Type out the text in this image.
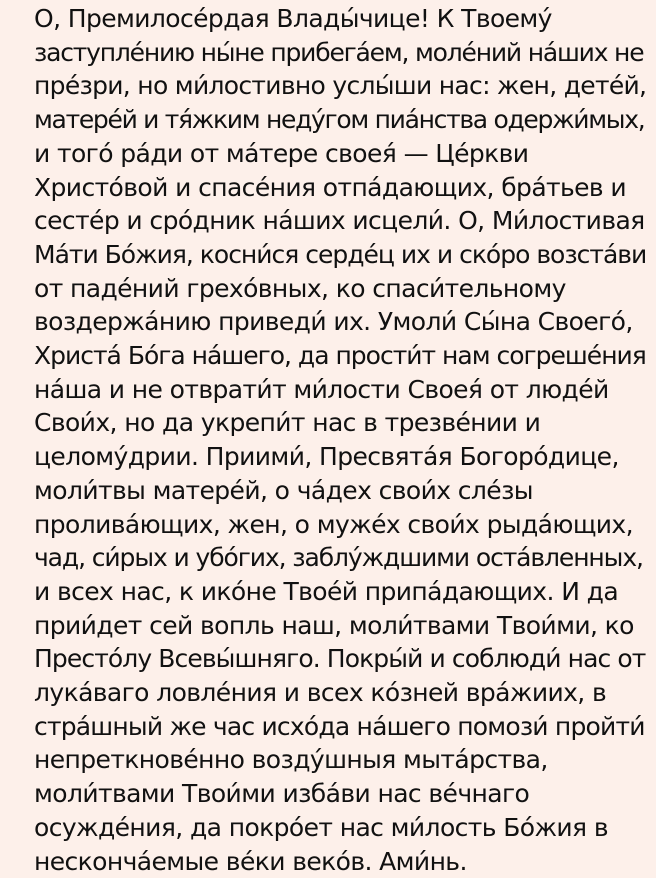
О, Премилосе́рдая Влады́чице! К Твоему́
заступле́нию ны́не прибега́ем, моле́ний на́ших не
пре́зри, но ми́лостивно услы́ши нас: жен, дете́й,
матере́й и тя́жким неду́гом пиа́нства одержи́мых,
и того́ ра́ди от ма́тере своея́ — Це́ркви
Христо́вой и спасе́ния отпа́дающих, бра́тьев и
сесте́р и сро́дник на́ших исцели́. О, Ми́лостивая
Ма́ти Бо́жия, косни́ся серде́ц их и ско́ро возста́ви
от паде́ний грехо́вных, ко спаси́тельному
воздержа́нию приведи́ их. Умоли́ Сы́на Своего́,
Христа́ Бо́га на́шего, да прости́т нам согреше́ния
на́ша и не отврати́т ми́лости Своея́ от люде́й
Свои́х, но да укрепи́т нас в трезве́нии и
целому́дрии. Приими́, Пресвята́я Богоро́дице,
моли́твы матере́й, о ча́дех свои́х сле́зы
пролива́ющих, жен, о муже́х свои́х рыда́ющих,
чад, си́рых и убо́гих, заблу́ждшими оста́вленных,
и всех нас, к ико́не Твое́й припа́дающих. И да
прии́дет сей вопль наш, моли́твами Твои́ми, ко
Престо́лу Всевы́шняго. Покры́й и соблюди́ нас от
лука́ваго ловле́ния и всех ко́зней вра́жиих, в
стра́шный же час исхо́да на́шего помози́ пройти́
непреткнове́нно возду́шныя мыта́рства,
моли́твами Твои́ми изба́ви нас ве́чнаго
осужде́ния, да покро́ет нас ми́лость Бо́жия в
несконча́емые ве́ки веко́в. Ами́нь.
